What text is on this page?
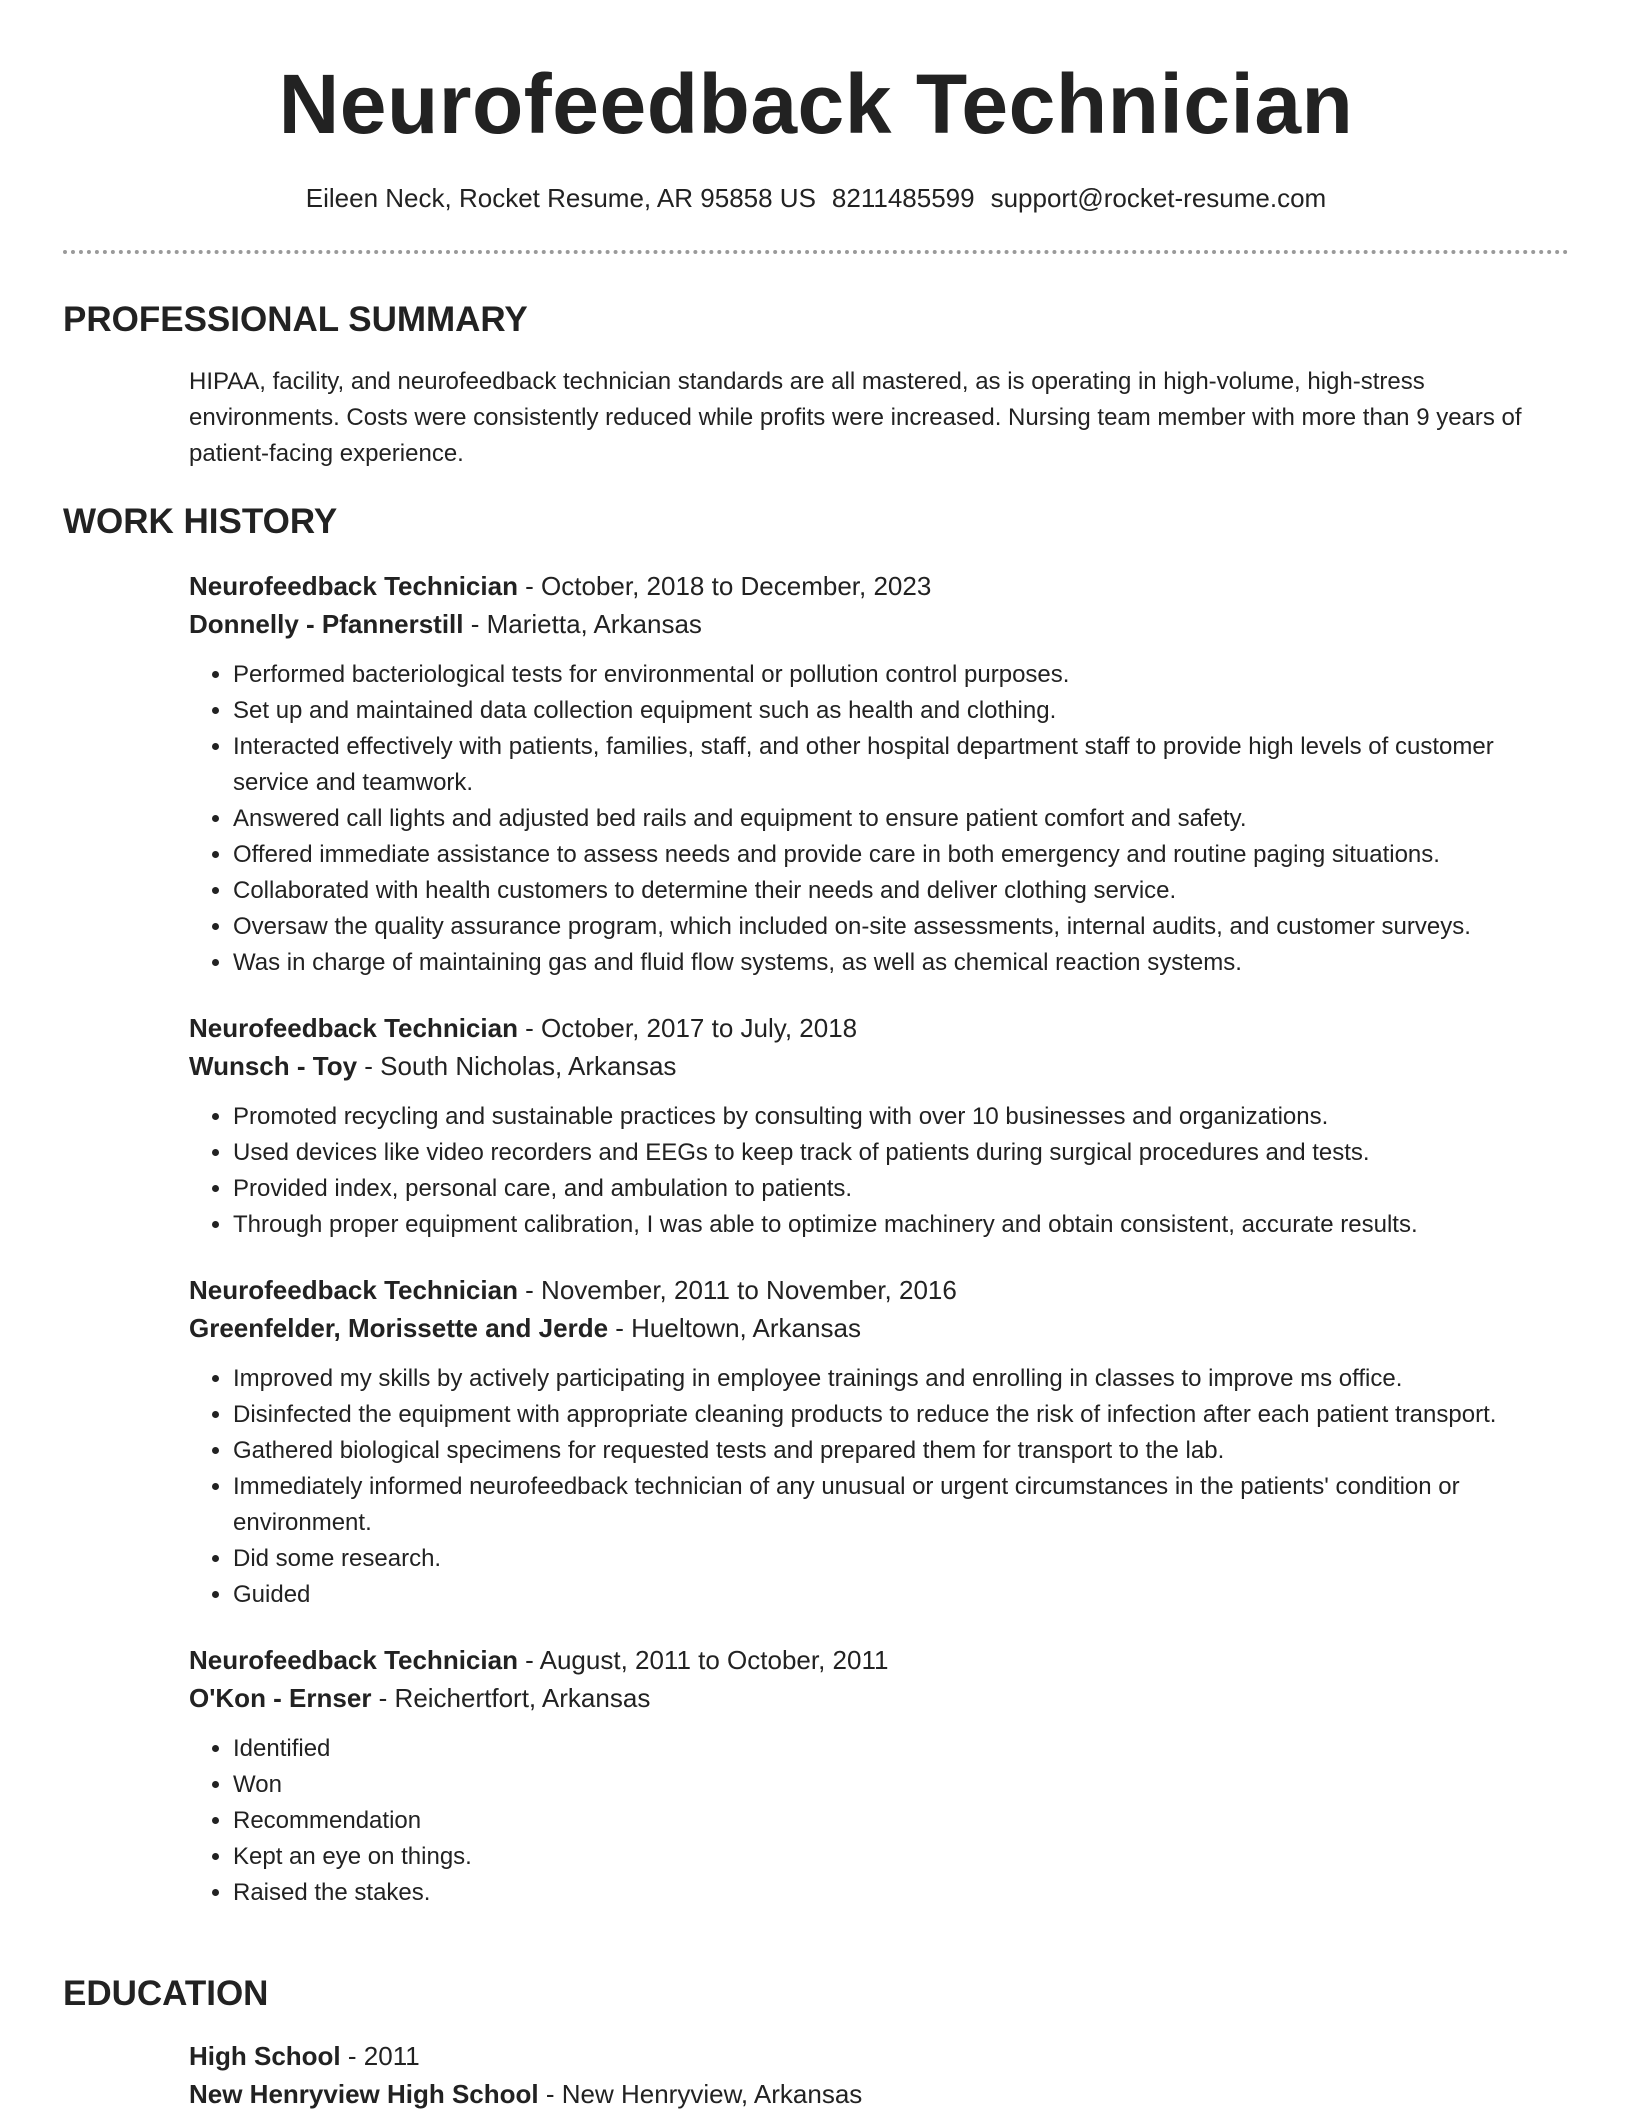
Neurofeedback Technician
Eileen Neck, Rocket Resume, AR 95858 US 8211485599 support@rocket-resume.com
PROFESSIONAL SUMMARY

HIPAA, facility, and neurofeedback technician standards are all mastered, as is operating in high-volume, high-stress environments. Costs were consistently reduced while profits were increased. Nursing team member with more than 9 years of patient-facing experience.

WORK HISTORY
Neurofeedback Technician - October, 2018 to December, 2023
Donnelly - Pfannerstill - Marietta, Arkansas
• Performed bacteriological tests for environmental or pollution control purposes.
• Set up and maintained data collection equipment such as health and clothing.
• Interacted effectively with patients, families, staff, and other hospital department staff to provide high levels of customer service and teamwork.
• Answered call lights and adjusted bed rails and equipment to ensure patient comfort and safety.
• Offered immediate assistance to assess needs and provide care in both emergency and routine paging situations.
• Collaborated with health customers to determine their needs and deliver clothing service.
• Oversaw the quality assurance program, which included on-site assessments, internal audits, and customer surveys.
• Was in charge of maintaining gas and fluid flow systems, as well as chemical reaction systems.
Neurofeedback Technician - October, 2017 to July, 2018
Wunsch - Toy - South Nicholas, Arkansas
• Promoted recycling and sustainable practices by consulting with over 10 businesses and organizations.
• Used devices like video recorders and EEGs to keep track of patients during surgical procedures and tests.
• Provided index, personal care, and ambulation to patients.
• Through proper equipment calibration, I was able to optimize machinery and obtain consistent, accurate results.
Neurofeedback Technician - November, 2011 to November, 2016
Greenfelder, Morissette and Jerde - Hueltown, Arkansas
• Improved my skills by actively participating in employee trainings and enrolling in classes to improve ms office.
• Disinfected the equipment with appropriate cleaning products to reduce the risk of infection after each patient transport.
• Gathered biological specimens for requested tests and prepared them for transport to the lab.
• Immediately informed neurofeedback technician of any unusual or urgent circumstances in the patients' condition or environment.
• Did some research.
• Guided
Neurofeedback Technician - August, 2011 to October, 2011
O'Kon - Ernser - Reichertfort, Arkansas
• Identified
• Won
• Recommendation
• Kept an eye on things.
• Raised the stakes.
EDUCATION
High School - 2011
New Henryview High School - New Henryview, Arkansas
